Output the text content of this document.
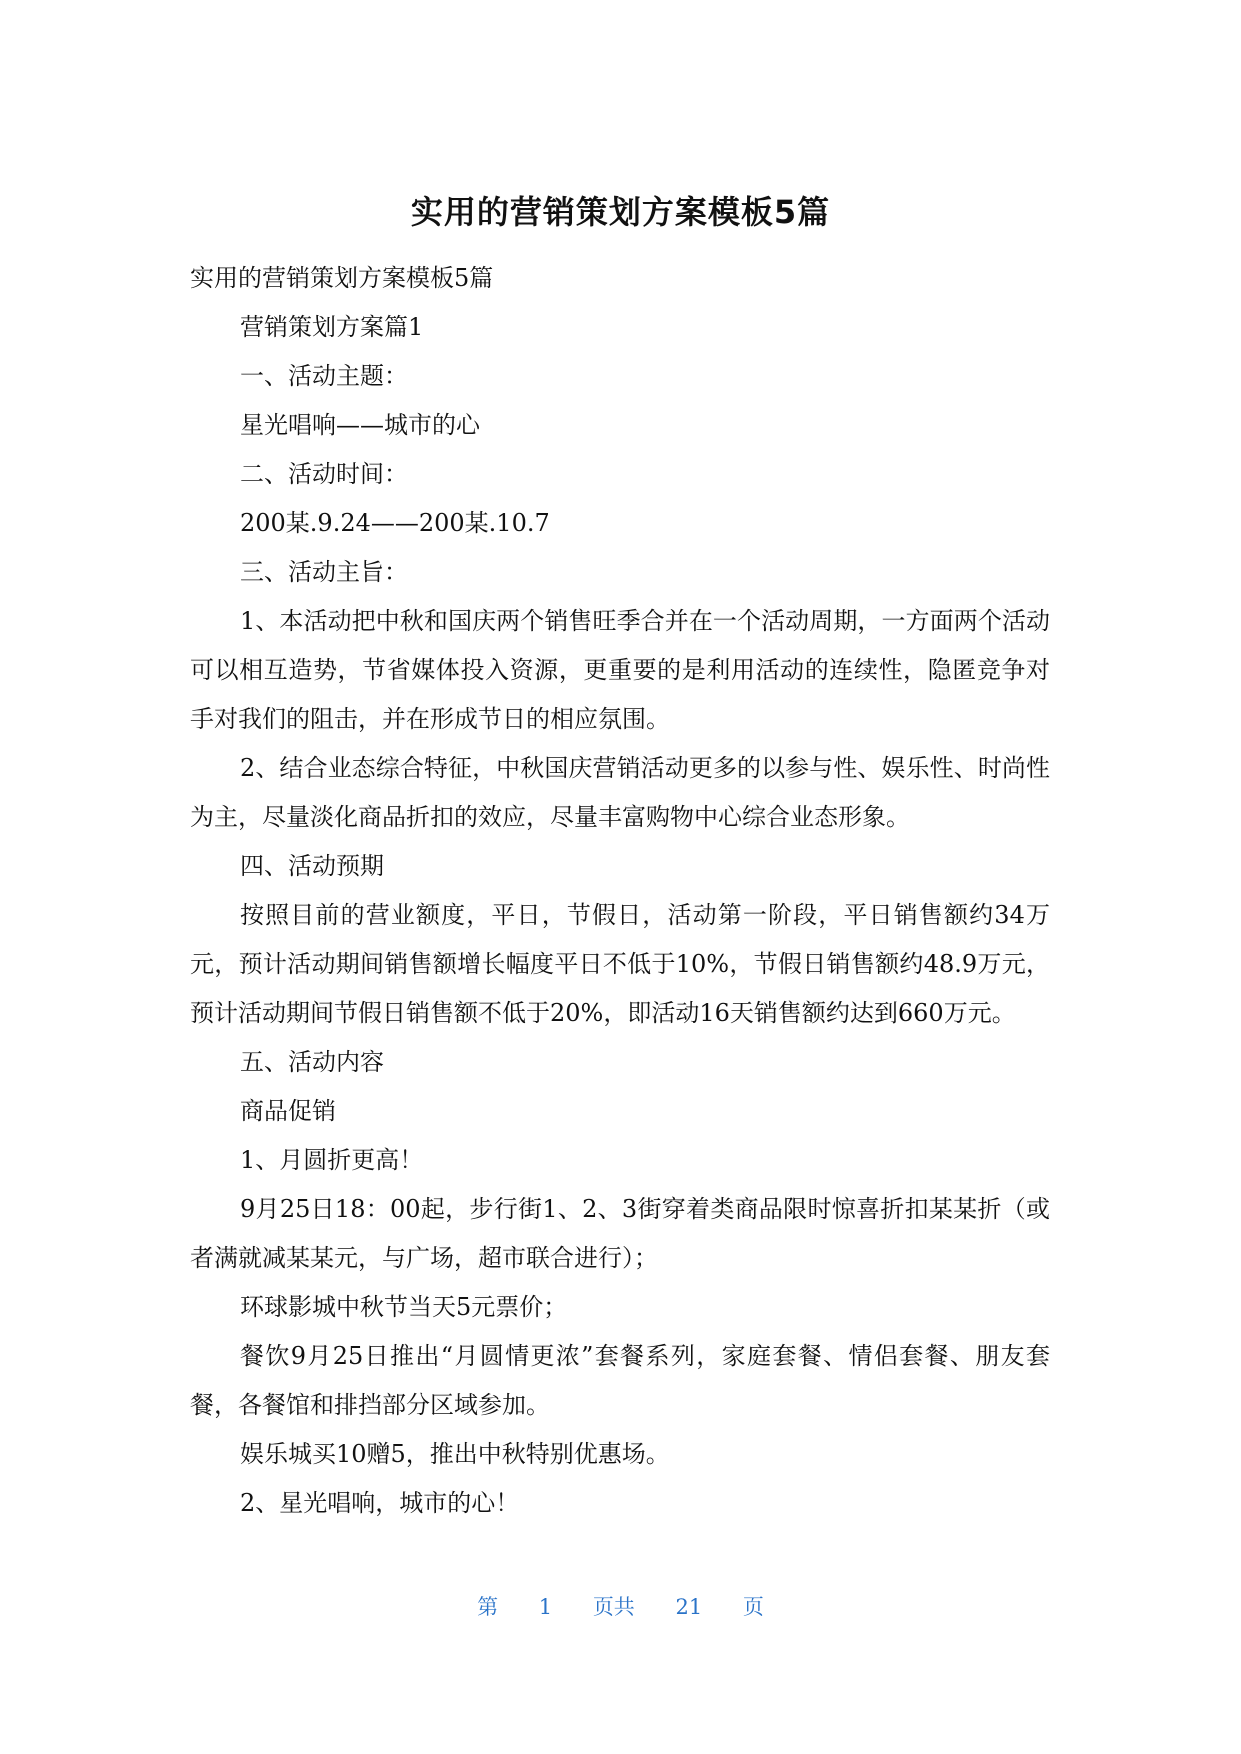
实用的营销策划方案模板5篇

实用的营销策划方案模板5篇

营销策划方案篇1

一、活动主题：

星光唱响——城市的心

二、活动时间：

200某.9.24——200某.10.7

三、活动主旨：

1、本活动把中秋和国庆两个销售旺季合并在一个活动周期，一方面两个活动可以相互造势，节省媒体投入资源，更重要的是利用活动的连续性，隐匿竞争对手对我们的阻击，并在形成节日的相应氛围。

2、结合业态综合特征，中秋国庆营销活动更多的以参与性、娱乐性、时尚性为主，尽量淡化商品折扣的效应，尽量丰富购物中心综合业态形象。

四、活动预期

按照目前的营业额度，平日，节假日，活动第一阶段，平日销售额约34万元，预计活动期间销售额增长幅度平日不低于10%，节假日销售额约48.9万元，预计活动期间节假日销售额不低于20%，即活动16天销售额约达到660万元。

五、活动内容

商品促销

1、月圆折更高！

9月25日18：00起，步行街1、2、3街穿着类商品限时惊喜折扣某某折（或者满就减某某元，与广场，超市联合进行）；

环球影城中秋节当天5元票价；

餐饮9月25日推出“月圆情更浓”套餐系列，家庭套餐、情侣套餐、朋友套餐，各餐馆和排挡部分区域参加。

娱乐城买10赠5，推出中秋特别优惠场。

2、星光唱响，城市的心！

第 1 页共 21 页
